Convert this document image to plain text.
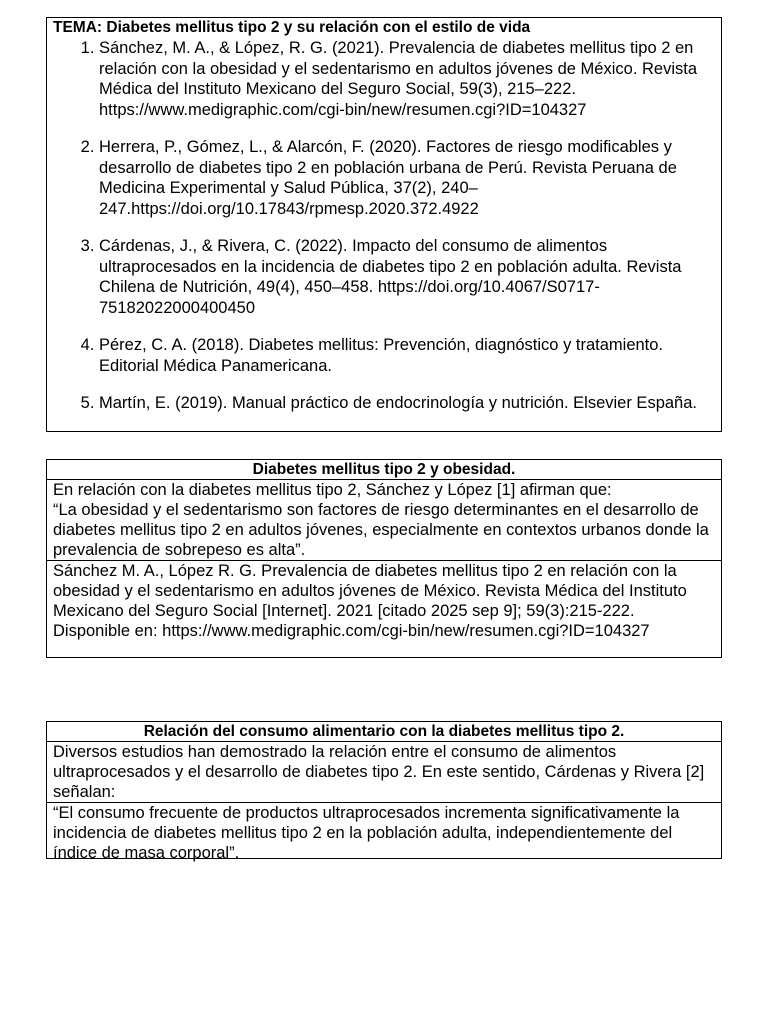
TEMA: Diabetes mellitus tipo 2 y su relación con el estilo de vida
1. Sánchez, M. A., & López, R. G. (2021). Prevalencia de diabetes mellitus tipo 2 en relación con la obesidad y el sedentarismo en adultos jóvenes de México. Revista Médica del Instituto Mexicano del Seguro Social, 59(3), 215–222. https://www.medigraphic.com/cgi-bin/new/resumen.cgi?ID=104327
2. Herrera, P., Gómez, L., & Alarcón, F. (2020). Factores de riesgo modificables y desarrollo de diabetes tipo 2 en población urbana de Perú. Revista Peruana de Medicina Experimental y Salud Pública, 37(2), 240–247.https://doi.org/10.17843/rpmesp.2020.372.4922
3. Cárdenas, J., & Rivera, C. (2022). Impacto del consumo de alimentos ultraprocesados en la incidencia de diabetes tipo 2 en población adulta. Revista Chilena de Nutrición, 49(4), 450–458. https://doi.org/10.4067/S0717-75182022000400450
4. Pérez, C. A. (2018). Diabetes mellitus: Prevención, diagnóstico y tratamiento. Editorial Médica Panamericana.
5. Martín, E. (2019). Manual práctico de endocrinología y nutrición. Elsevier España.
Diabetes mellitus tipo 2 y obesidad.

En relación con la diabetes mellitus tipo 2, Sánchez y López [1] afirman que:

“La obesidad y el sedentarismo son factores de riesgo determinantes en el desarrollo de diabetes mellitus tipo 2 en adultos jóvenes, especialmente en contextos urbanos donde la prevalencia de sobrepeso es alta”.

Sánchez M. A., López R. G. Prevalencia de diabetes mellitus tipo 2 en relación con la obesidad y el sedentarismo en adultos jóvenes de México. Revista Médica del Instituto Mexicano del Seguro Social [Internet]. 2021 [citado 2025 sep 9]; 59(3):215-222. Disponible en: https://www.medigraphic.com/cgi-bin/new/resumen.cgi?ID=104327

Relación del consumo alimentario con la diabetes mellitus tipo 2.

Diversos estudios han demostrado la relación entre el consumo de alimentos ultraprocesados y el desarrollo de diabetes tipo 2. En este sentido, Cárdenas y Rivera [2] señalan:

“El consumo frecuente de productos ultraprocesados incrementa significativamente la incidencia de diabetes mellitus tipo 2 en la población adulta, independientemente del índice de masa corporal”.
